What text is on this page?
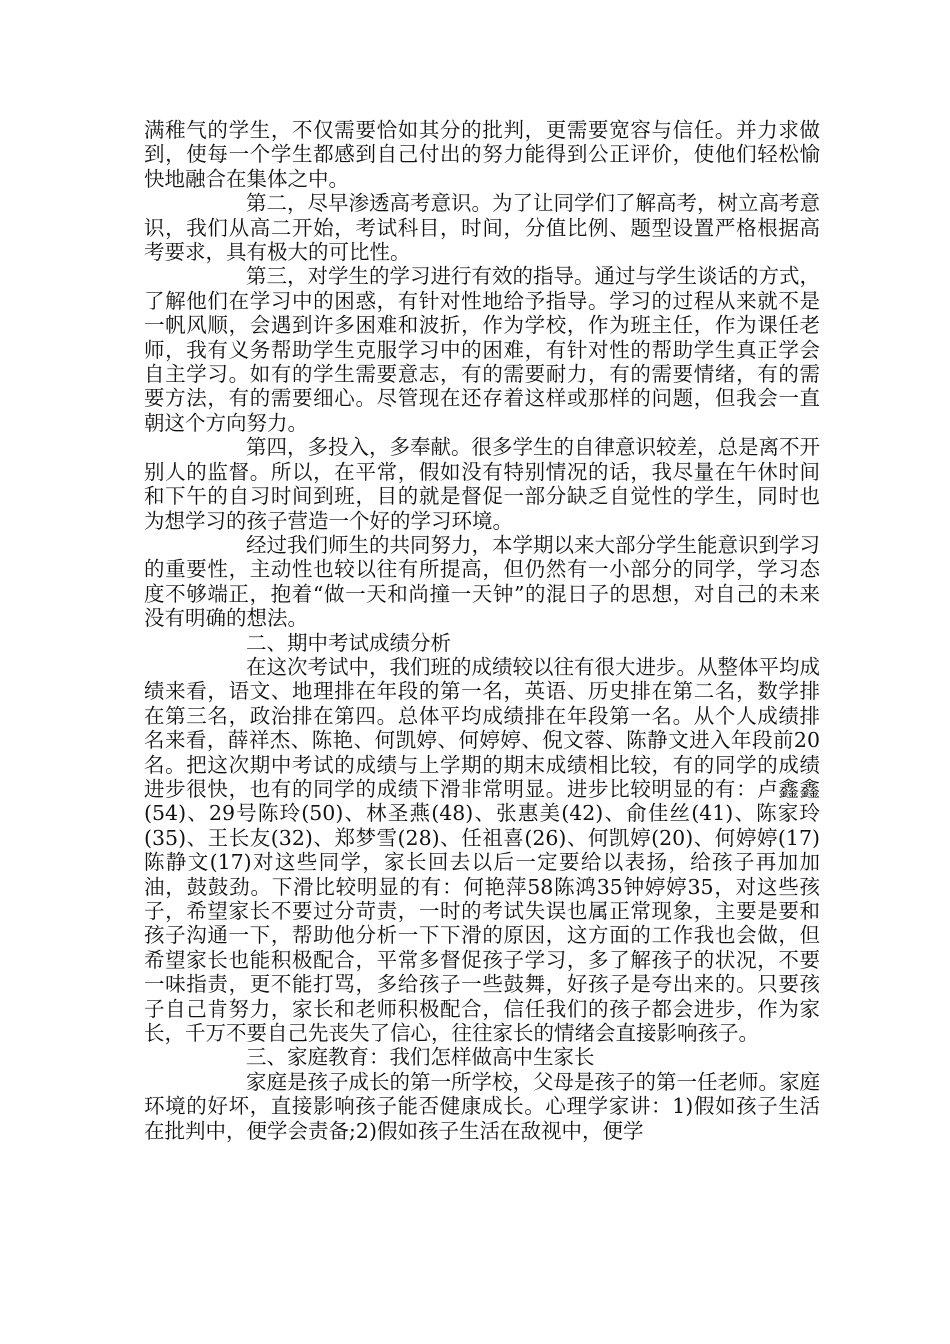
满稚气的学生，不仅需要恰如其分的批判，更需要宽容与信任。并力求做到，使每一个学生都感到自己付出的努力能得到公正评价，使他们轻松愉快地融合在集体之中。

第二，尽早渗透高考意识。为了让同学们了解高考，树立高考意识，我们从高二开始，考试科目，时间，分值比例、题型设置严格根据高考要求，具有极大的可比性。

第三，对学生的学习进行有效的指导。通过与学生谈话的方式，了解他们在学习中的困惑，有针对性地给予指导。学习的过程从来就不是一帆风顺，会遇到许多困难和波折，作为学校，作为班主任，作为课任老师，我有义务帮助学生克服学习中的困难，有针对性的帮助学生真正学会自主学习。如有的学生需要意志，有的需要耐力，有的需要情绪，有的需要方法，有的需要细心。尽管现在还存着这样或那样的问题，但我会一直朝这个方向努力。

第四，多投入，多奉献。很多学生的自律意识较差，总是离不开别人的监督。所以，在平常，假如没有特别情况的话，我尽量在午休时间和下午的自习时间到班，目的就是督促一部分缺乏自觉性的学生，同时也为想学习的孩子营造一个好的学习环境。

经过我们师生的共同努力，本学期以来大部分学生能意识到学习的重要性，主动性也较以往有所提高，但仍然有一小部分的同学，学习态度不够端正，抱着“做一天和尚撞一天钟”的混日子的思想，对自己的未来没有明确的想法。

二、期中考试成绩分析

在这次考试中，我们班的成绩较以往有很大进步。从整体平均成绩来看，语文、地理排在年段的第一名，英语、历史排在第二名，数学排在第三名，政治排在第四。总体平均成绩排在年段第一名。从个人成绩排名来看，薛祥杰、陈艳、何凯婷、何婷婷、倪文蓉、陈静文进入年段前20名。把这次期中考试的成绩与上学期的期末成绩相比较，有的同学的成绩进步很快，也有的同学的成绩下滑非常明显。进步比较明显的有：卢鑫鑫(54)、29号陈玲(50)、林圣燕(48)、张惠美(42)、俞佳丝(41)、陈家玲(35)、王长友(32)、郑梦雪(28)、任祖喜(26)、何凯婷(20)、何婷婷(17)陈静文(17)对这些同学，家长回去以后一定要给以表扬，给孩子再加加油，鼓鼓劲。下滑比较明显的有：何艳萍58陈鸿35钟婷婷35，对这些孩子，希望家长不要过分苛责，一时的考试失误也属正常现象，主要是要和孩子沟通一下，帮助他分析一下下滑的原因，这方面的工作我也会做，但希望家长也能积极配合，平常多督促孩子学习，多了解孩子的状况，不要一味指责，更不能打骂，多给孩子一些鼓舞，好孩子是夸出来的。只要孩子自己肯努力，家长和老师积极配合，信任我们的孩子都会进步，作为家长，千万不要自己先丧失了信心，往往家长的情绪会直接影响孩子。

三、家庭教育：我们怎样做高中生家长

家庭是孩子成长的第一所学校，父母是孩子的第一任老师。家庭环境的好坏，直接影响孩子能否健康成长。心理学家讲：1)假如孩子生活在批判中，便学会责备;2)假如孩子生活在敌视中，便学
